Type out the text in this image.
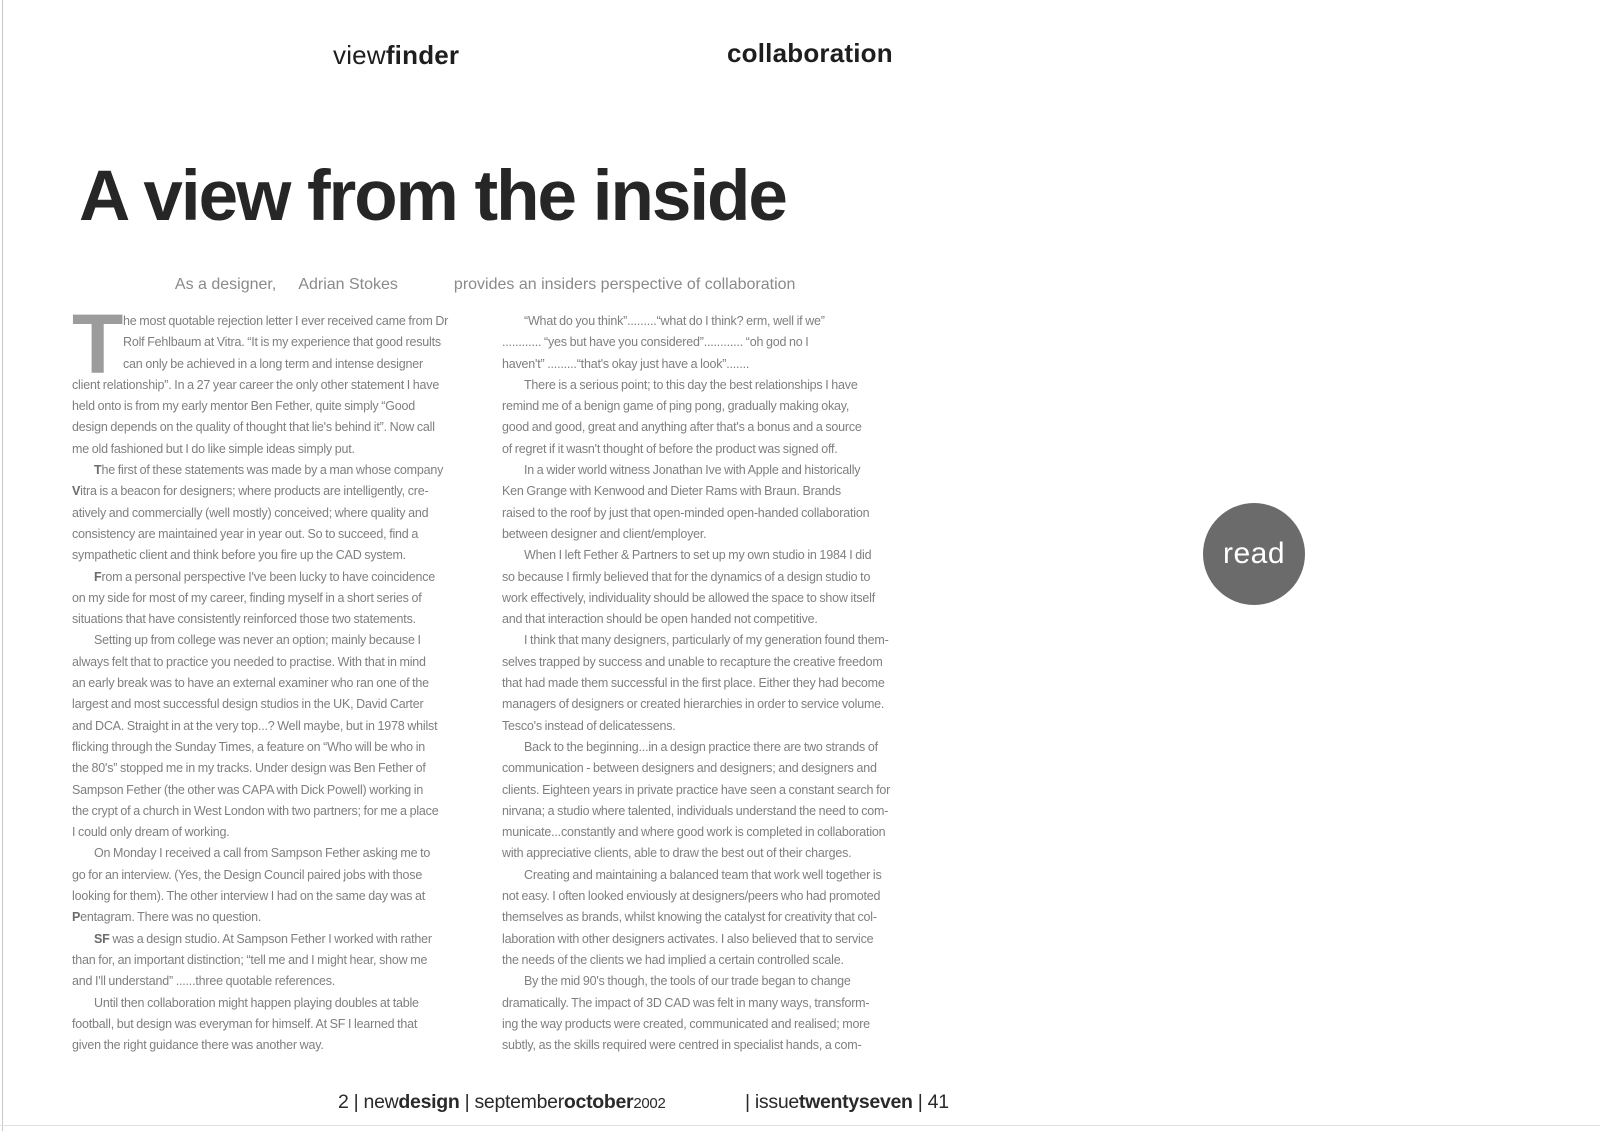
viewfinder	collaboration
A view from the inside

As a designer, Adrian Stokes	provides an insiders perspective of collaboration

T he most quotable rejection letter I ever received came from Dr
Rolf Fehlbaum at Vitra. “It is my experience that good results
can only be achieved in a long term and intense designer
client relationship”. In a 27 year career the only other statement I have
held onto is from my early mentor Ben Fether, quite simply “Good
design depends on the quality of thought that lie's behind it”. Now call
me old fashioned but I do like simple ideas simply put.
The first of these statements was made by a man whose company
Vitra is a beacon for designers; where products are intelligently, cre-
atively and commercially (well mostly) conceived; where quality and
consistency are maintained year in year out. So to succeed, find a
sympathetic client and think before you fire up the CAD system.
From a personal perspective I've been lucky to have coincidence
on my side for most of my career, finding myself in a short series of
situations that have consistently reinforced those two statements.
Setting up from college was never an option; mainly because I
always felt that to practice you needed to practise. With that in mind
an early break was to have an external examiner who ran one of the
largest and most successful design studios in the UK, David Carter
and DCA. Straight in at the very top...? Well maybe, but in 1978 whilst
flicking through the Sunday Times, a feature on “Who will be who in
the 80's” stopped me in my tracks. Under design was Ben Fether of
Sampson Fether (the other was CAPA with Dick Powell) working in
the crypt of a church in West London with two partners; for me a place
I could only dream of working.
On Monday I received a call from Sampson Fether asking me to
go for an interview. (Yes, the Design Council paired jobs with those
looking for them). The other interview I had on the same day was at
Pentagram. There was no question.
SF was a design studio. At Sampson Fether I worked with rather
than for, an important distinction; “tell me and I might hear, show me
and I'll understand” ......three quotable references.
Until then collaboration might happen playing doubles at table
football, but design was everyman for himself. At SF I learned that
given the right guidance there was another way.
“What do you think”.........“what do I think? erm, well if we”
............ “yes but have you considered”............ “oh god no I
haven't” .........“that's okay just have a look”.......
There is a serious point; to this day the best relationships I have
remind me of a benign game of ping pong, gradually making okay,
good and good, great and anything after that's a bonus and a source
of regret if it wasn't thought of before the product was signed off.
In a wider world witness Jonathan Ive with Apple and historically
Ken Grange with Kenwood and Dieter Rams with Braun. Brands
raised to the roof by just that open-minded open-handed collaboration
between designer and client/employer.
When I left Fether & Partners to set up my own studio in 1984 I did
so because I firmly believed that for the dynamics of a design studio to
work effectively, individuality should be allowed the space to show itself
and that interaction should be open handed not competitive.
I think that many designers, particularly of my generation found them-
selves trapped by success and unable to recapture the creative freedom
that had made them successful in the first place. Either they had become
managers of designers or created hierarchies in order to service volume.
Tesco's instead of delicatessens.
Back to the beginning...in a design practice there are two strands of
communication - between designers and designers; and designers and
clients. Eighteen years in private practice have seen a constant search for
nirvana; a studio where talented, individuals understand the need to com-
municate...constantly and where good work is completed in collaboration
with appreciative clients, able to draw the best out of their charges.
Creating and maintaining a balanced team that work well together is
not easy. I often looked enviously at designers/peers who had promoted
themselves as brands, whilst knowing the catalyst for creativity that col-
laboration with other designers activates. I also believed that to service
the needs of the clients we had implied a certain controlled scale.
By the mid 90's though, the tools of our trade began to change
dramatically. The impact of 3D CAD was felt in many ways, transform-
ing the way products were created, communicated and realised; more
subtly, as the skills required were centred in specialist hands, a com-
read
2 | newdesign | septemberoctober2002	| issuetwentyseven | 41
